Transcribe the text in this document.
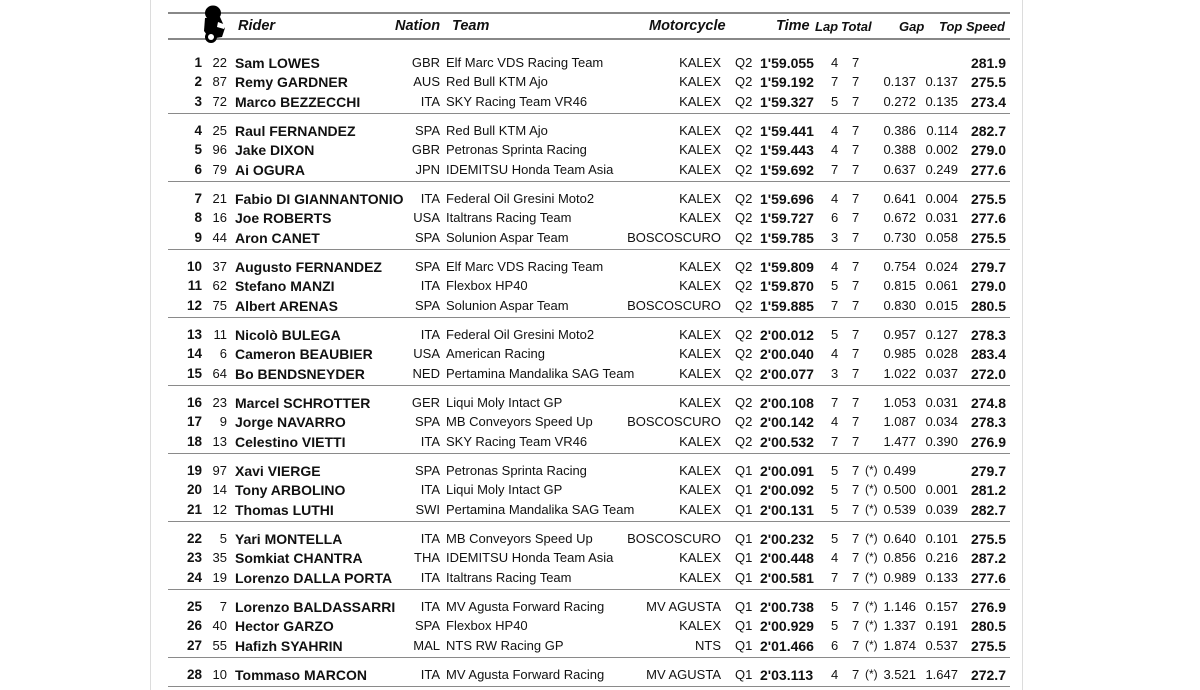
Rider	Nation Team	Motorcycle	Time Lap Total Gap Top Speed
1 22 Sam LOWES	GBR Elf Marc VDS Racing Team	KALEX Q2 1'59.055 4 7	281.9
2 87 Remy GARDNER	AUS Red Bull KTM Ajo	KALEX Q2 1'59.192 7 7 0.137 0.137 275.5
3 72 Marco BEZZECCHI	ITA SKY Racing Team VR46	KALEX Q2 1'59.327 5 7 0.272 0.135 273.4
4 25 Raul FERNANDEZ	SPA Red Bull KTM Ajo	KALEX Q2 1'59.441 4 7 0.386 0.114 282.7
5 96 Jake DIXON	GBR Petronas Sprinta Racing	KALEX Q2 1'59.443 4 7 0.388 0.002 279.0
6 79 Ai OGURA	JPN IDEMITSU Honda Team Asia	KALEX Q2 1'59.692 7 7 0.637 0.249 277.6
7 21 Fabio DI GIANNANTONIO ITA Federal Oil Gresini Moto2	KALEX Q2 1'59.696 4 7 0.641 0.004 275.5
8 16 Joe ROBERTS	USA Italtrans Racing Team	KALEX Q2 1'59.727 6 7 0.672 0.031 277.6
9 44 Aron CANET	SPA Solunion Aspar Team	BOSCOSCURO Q2 1'59.785 3 7 0.730 0.058 275.5
10 37 Augusto FERNANDEZ	SPA Elf Marc VDS Racing Team	KALEX Q2 1'59.809 4 7 0.754 0.024 279.7
11 62 Stefano MANZI	ITA Flexbox HP40	KALEX Q2 1'59.870 5 7 0.815 0.061 279.0
12 75 Albert ARENAS	SPA Solunion Aspar Team	BOSCOSCURO Q2 1'59.885 7 7 0.830 0.015 280.5
13 11 Nicolò BULEGA	ITA Federal Oil Gresini Moto2	KALEX Q2 2'00.012 5 7 0.957 0.127 278.3
14 6 Cameron BEAUBIER	USA American Racing	KALEX Q2 2'00.040 4 7 0.985 0.028 283.4
15 64 Bo BENDSNEYDER	NED Pertamina Mandalika SAG Team	KALEX Q2 2'00.077 3 7 1.022 0.037 272.0
16 23 Marcel SCHROTTER	GER Liqui Moly Intact GP	KALEX Q2 2'00.108 7 7 1.053 0.031 274.8
17 9 Jorge NAVARRO	SPA MB Conveyors Speed Up	BOSCOSCURO Q2 2'00.142 4 7 1.087 0.034 278.3
18 13 Celestino VIETTI	ITA SKY Racing Team VR46	KALEX Q2 2'00.532 7 7 1.477 0.390 276.9
19 97 Xavi VIERGE	SPA Petronas Sprinta Racing	KALEX Q1 2'00.091 5 7 (*) 0.499	279.7
20 14 Tony ARBOLINO	ITA Liqui Moly Intact GP	KALEX Q1 2'00.092 5 7 (*) 0.500 0.001 281.2
21 12 Thomas LUTHI	SWI Pertamina Mandalika SAG Team	KALEX Q1 2'00.131 5 7 (*) 0.539 0.039 282.7
22 5 Yari MONTELLA	ITA MB Conveyors Speed Up	BOSCOSCURO Q1 2'00.232 5 7 (*) 0.640 0.101 275.5
23 35 Somkiat CHANTRA	THA IDEMITSU Honda Team Asia	KALEX Q1 2'00.448 4 7 (*) 0.856 0.216 287.2
24 19 Lorenzo DALLA PORTA	ITA Italtrans Racing Team	KALEX Q1 2'00.581 7 7 (*) 0.989 0.133 277.6
25 7 Lorenzo BALDASSARRI	ITA MV Agusta Forward Racing	MV AGUSTA Q1 2'00.738 5 7 (*) 1.146 0.157 276.9
26 40 Hector GARZO	SPA Flexbox HP40	KALEX Q1 2'00.929 5 7 (*) 1.337 0.191 280.5
27 55 Hafizh SYAHRIN	MAL NTS RW Racing GP	NTS Q1 2'01.466 6 7 (*) 1.874 0.537 275.5
28 10 Tommaso MARCON	ITA MV Agusta Forward Racing	MV AGUSTA Q1 2'03.113 4 7 (*) 3.521 1.647 272.7
